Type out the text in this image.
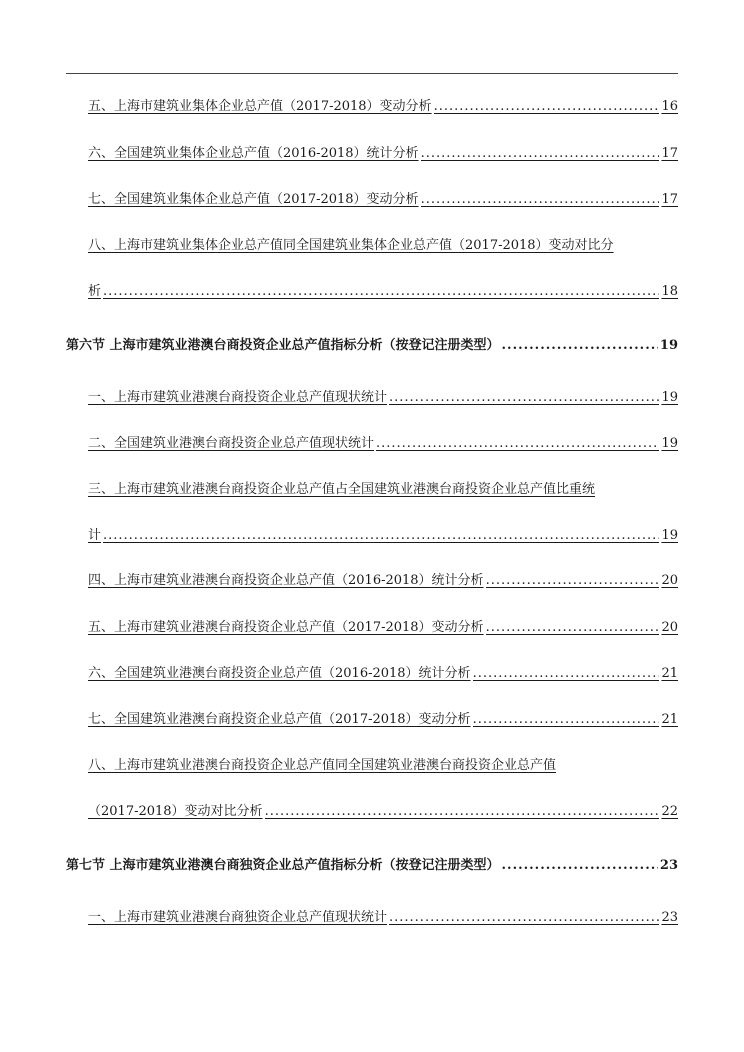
五、上海市建筑业集体企业总产值（2017-2018）变动分析 .....	16
六、全国建筑业集体企业总产值（2016-2018）统计分析 .....	17
七、全国建筑业集体企业总产值（2017-2018）变动分析 .....	17
八、上海市建筑业集体企业总产值同全国建筑业集体企业总产值（2017-2018）变动对比分
析 .....	18
第六节 上海市建筑业港澳台商投资企业总产值指标分析（按登记注册类型） .....	19
一、上海市建筑业港澳台商投资企业总产值现状统计 .....	19
二、全国建筑业港澳台商投资企业总产值现状统计 .....	19
三、上海市建筑业港澳台商投资企业总产值占全国建筑业港澳台商投资企业总产值比重统
计 .....	19
四、上海市建筑业港澳台商投资企业总产值（2016-2018）统计分析 .....	20
五、上海市建筑业港澳台商投资企业总产值（2017-2018）变动分析 .....	20
六、全国建筑业港澳台商投资企业总产值（2016-2018）统计分析 .....	21
七、全国建筑业港澳台商投资企业总产值（2017-2018）变动分析 .....	21
八、上海市建筑业港澳台商投资企业总产值同全国建筑业港澳台商投资企业总产值
（2017-2018）变动对比分析 .....	22
第七节 上海市建筑业港澳台商独资企业总产值指标分析（按登记注册类型） .....	23
一、上海市建筑业港澳台商独资企业总产值现状统计 .....	23
